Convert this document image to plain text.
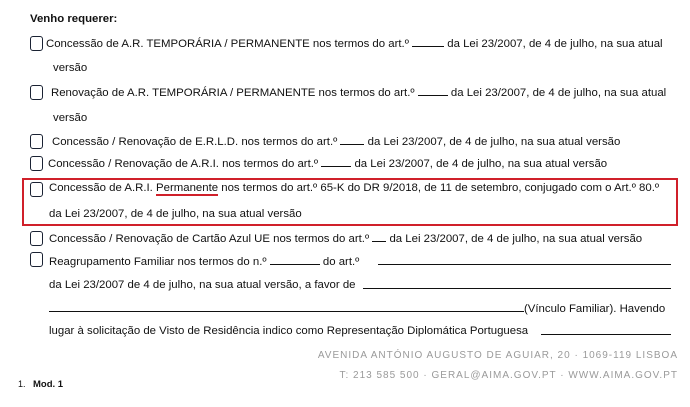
Venho requerer:
Concessão de A.R. TEMPORÁRIA / PERMANENTE nos termos do art.º	da Lei 23/2007, de 4 de julho, na sua atual
versão
Renovação de A.R. TEMPORÁRIA / PERMANENTE nos termos do art.º	da Lei 23/2007, de 4 de julho, na sua atual
versão
Concessão / Renovação de E.R.L.D. nos termos do art.º	da Lei 23/2007, de 4 de julho, na sua atual versão
Concessão / Renovação de A.R.I. nos termos do art.º	da Lei 23/2007, de 4 de julho, na sua atual versão
Concessão de A.R.I. Permanente nos termos do art.º 65-K do DR 9/2018, de 11 de setembro, conjugado com o Art.º 80.º
da Lei 23/2007, de 4 de julho, na sua atual versão
Concessão / Renovação de Cartão Azul UE nos termos do art.º da Lei 23/2007, de 4 de julho, na sua atual versão
Reagrupamento Familiar nos termos do n.º	do art.º
da Lei 23/2007 de 4 de julho, na sua atual versão, a favor de
(Vínculo Familiar). Havendo
lugar à solicitação de Visto de Residência indico como Representação Diplomática Portuguesa
AVENIDA ANTÓNIO AUGUSTO DE AGUIAR, 20 · 1069-119 LISBOA
T: 213 585 500 · GERAL@AIMA.GOV.PT · WWW.AIMA.GOV.PT
1. Mod. 1
